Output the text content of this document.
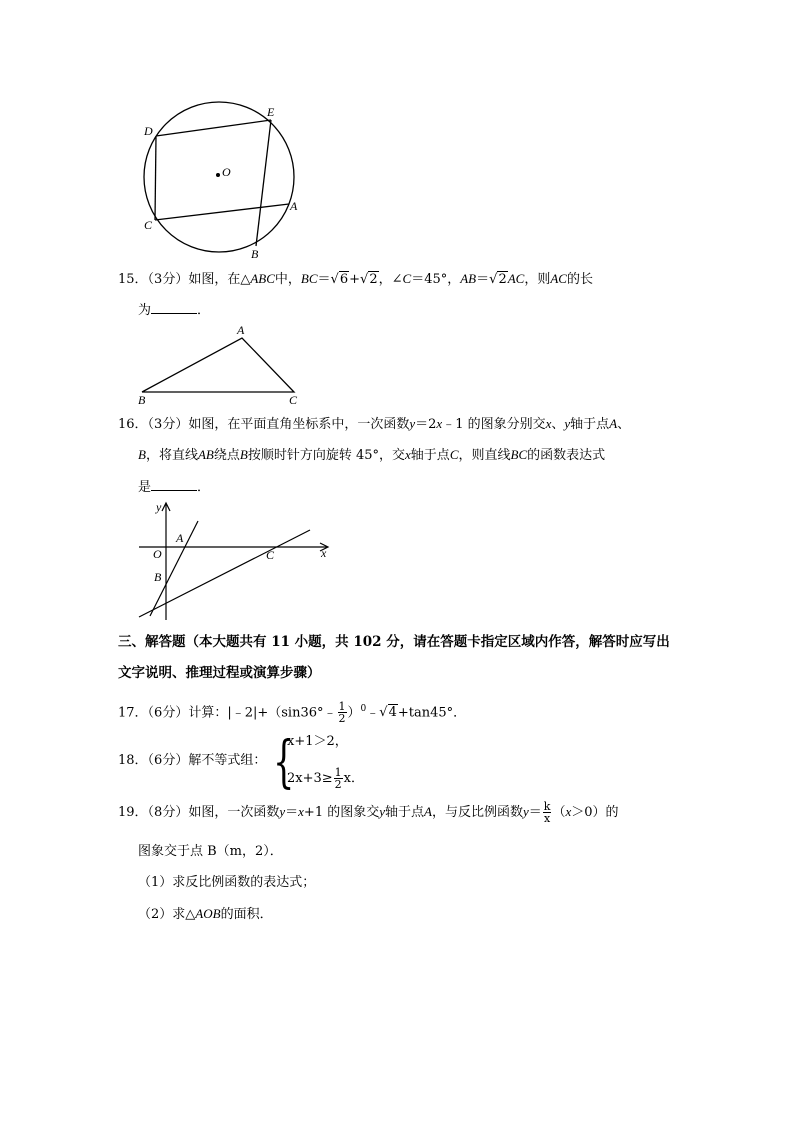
D
E
O
A
C
B
15．（3分）如图，在△ABC中，BC＝√6+√2，∠C＝45°，AB＝√2AC，则AC的长
为	．
A
B	C
16．（3分）如图，在平面直角坐标系中，一次函数y＝2x﹣1 的图象分别交x、y轴于点A、
B，将直线AB绕点B按顺时针方向旋转 45°，交x轴于点C，则直线BC的函数表达式
是	．
y
x
O
A
B
C
三、解答题（本大题共有 11 小题，共 102 分，请在答题卡指定区域内作答，解答时应写出
文字说明、推理过程或演算步骤）
17．（6分）计算：|﹣2|+（sin36°﹣ $\frac{1}{2}$ ）$^0$﹣√4+tan45°．
18．（6分）解不等式组： {
x+1＞2，
$2x+3\ge \frac{1}{2}$ x．
19．（8分）如图，一次函数y＝x+1 的图象交y轴于点A，与反比例函数$y= \frac{k}{x} (x>0)$的
图象交于点 B（m，2）．
（1）求反比例函数的表达式；
（2）求△AOB的面积．
